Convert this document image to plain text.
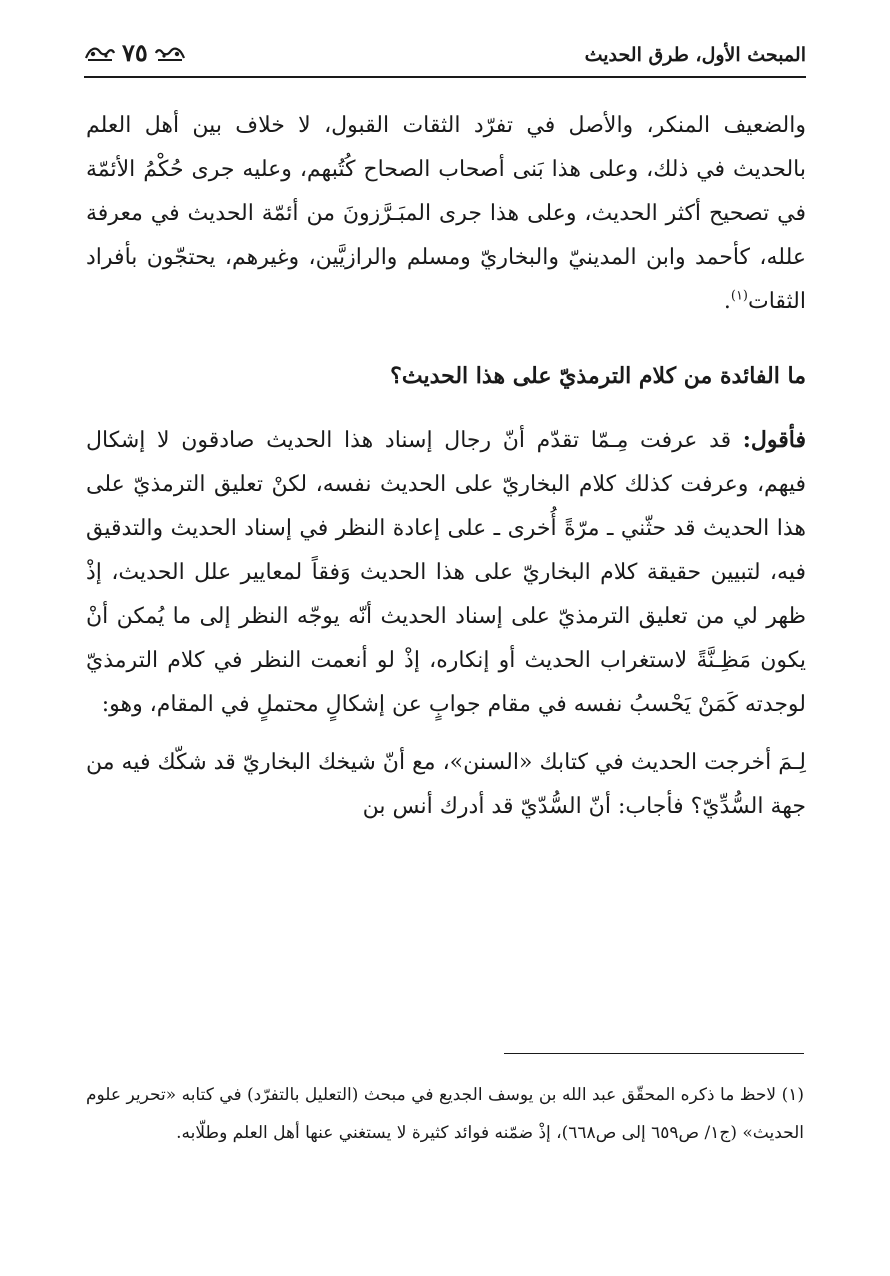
المبحث الأول، طرق الحديث
٧٥

والضعيف المنكر، والأصل في تفرّد الثقات القبول، لا خلاف بين أهل العلم بالحديث في ذلك، وعلى هذا بَنى أصحاب الصحاح كُتُبهم، وعليه جرى حُكْمُ الأئمّة في تصحيح أكثر الحديث، وعلى هذا جرى المبَـرَّزونَ من أئمّة الحديث في معرفة علله، كأحمد وابن المدينيّ والبخاريّ ومسلم والرازيَّين، وغيرهم، يحتجّون بأفراد الثقات$^{(١)}$.

ما الفائدة من كلام الترمذيّ على هذا الحديث؟

فأقول: قد عرفت مِـمّا تقدّم أنّ رجال إسناد هذا الحديث صادقون لا إشكال فيهم، وعرفت كذلك كلام البخاريّ على الحديث نفسه، لكنْ تعليق الترمذيّ على هذا الحديث قد حثّني ـ مرّةً أُخرى ـ على إعادة النظر في إسناد الحديث والتدقيق فيه، لتبيين حقيقة كلام البخاريّ على هذا الحديث وَفقاً لمعايير علل الحديث، إذْ ظهر لي من تعليق الترمذيّ على إسناد الحديث أنّه يوجّه النظر إلى ما يُمكن أنْ يكون مَظِـنَّةً لاستغراب الحديث أو إنكاره، إذْ لو أنعمت النظر في كلام الترمذيّ لوجدته كَمَنْ يَحْسبُ نفسه في مقام جوابٍ عن إشكالٍ محتملٍ في المقام، وهو:

لِـمَ أخرجت الحديث في كتابك «السنن»، مع أنّ شيخك البخاريّ قد شكّك فيه من جهة السُّدِّيّ؟ فأجاب: أنّ السُّدّيّ قد أدرك أنس بن

(١) لاحظ ما ذكره المحقّق عبد الله بن يوسف الجديع في مبحث (التعليل بالتفرّد) في كتابه «تحرير علوم الحديث» (ج١/ ص٦٥٩ إلى ص٦٦٨)، إذْ ضمّنه فوائد كثيرة لا يستغني عنها أهل العلم وطلّابه.
